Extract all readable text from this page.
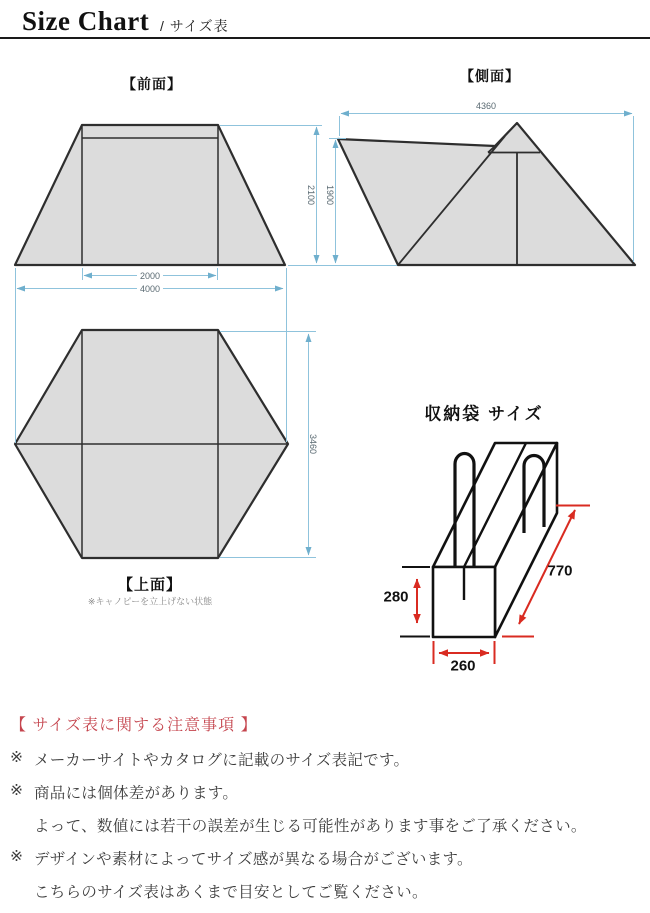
【前面】	【側面】
【上面】
※キャノピーを立上げない状態
2000
4000
2100 1900
4360
3460
収納袋 サイズ
770
280
260
Size Chart / サイズ表
【 サイズ表に関する注意事項 】
※ メーカーサイトやカタログに記載のサイズ表記です。
※ 商品には個体差があります。
よって、数値には若干の誤差が生じる可能性があります事をご了承ください。
※ デザインや素材によってサイズ感が異なる場合がございます。
こちらのサイズ表はあくまで目安としてご覧ください。
